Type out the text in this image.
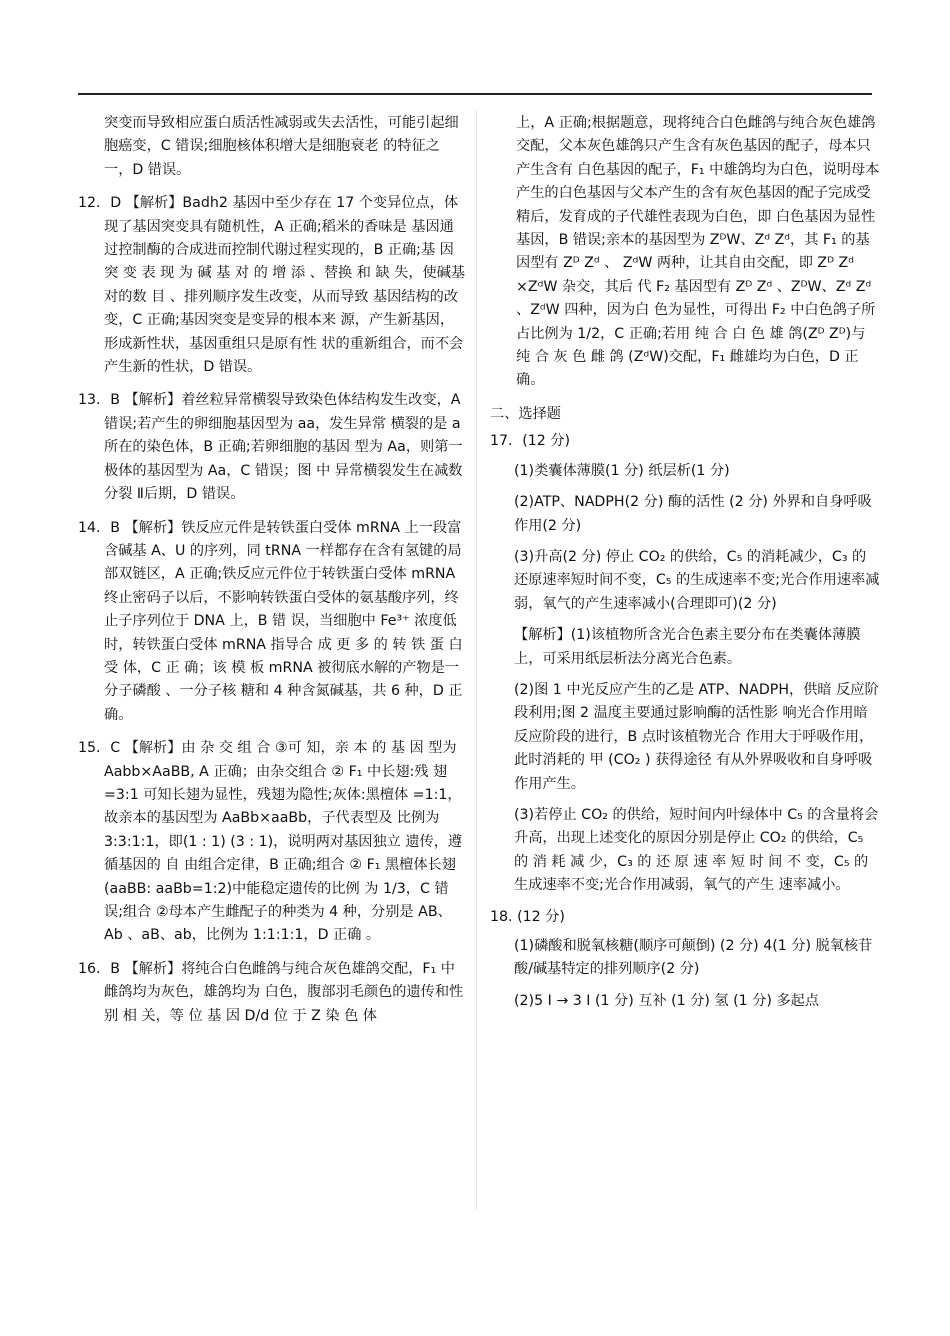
突变而导致相应蛋白质活性减弱或失去活性，可能引起细胞癌变，C 错误;细胞核体积增大是细胞衰老 的特征之一，D 错误。

12．D 【解析】Badh2 基因中至少存在 17 个变异位点，体现了基因突变具有随机性，A 正确;稻米的香味是 基因通过控制酶的合成进而控制代谢过程实现的，B 正确;基 因 突 变 表 现 为 碱 基 对 的 增 添 、替换 和 缺 失，使碱基对的数 目 、排列顺序发生改变，从而导致 基因结构的改变，C 正确;基因突变是变异的根本来 源，产生新基因，形成新性状，基因重组只是原有性 状的重新组合，而不会产生新的性状，D 错误。

13．B 【解析】着丝粒异常横裂导致染色体结构发生改变，A 错误;若产生的卵细胞基因型为 aa，发生异常 横裂的是 a 所在的染色体，B 正确;若卵细胞的基因 型为 Aa，则第一极体的基因型为 Aa，C 错误；图 中 异常横裂发生在减数分裂 Ⅱ后期，D 错误。

14．B 【解析】铁反应元件是转铁蛋白受体 mRNA 上一段富含碱基 A、U 的序列，同 tRNA 一样都存在含有氢键的局部双链区，A 正确;铁反应元件位于转铁蛋白受体 mRNA 终止密码子以后，不影响转铁蛋白受体的氨基酸序列，终止子序列位于 DNA 上，B 错 误，当细胞中 Fe³⁺ 浓度低时，转铁蛋白受体 mRNA 指导合 成 更 多 的 转 铁 蛋 白 受 体，C 正 确；该 模 板 mRNA 被彻底水解的产物是一分子磷酸 、一分子核 糖和 4 种含氮碱基，共 6 种，D 正确。

15．C 【解析】由 杂 交 组 合 ③可 知，亲 本 的 基 因 型为 Aabb×AaBB, A 正确；由杂交组合 ② F₁ 中长翅:残 翅 =3:1 可知长翅为显性，残翅为隐性;灰体:黑檀体 =1:1，故亲本的基因型为 AaBb×aaBb，子代表型及 比例为 3:3:1:1，即(1 : 1) (3 : 1)，说明两对基因独立 遗传，遵循基因的 自 由组合定律，B 正确;组合 ② F₁ 黑檀体长翅(aaBB: aaBb=1:2)中能稳定遗传的比例 为 1/3，C 错误;组合 ②母本产生雌配子的种类为 4 种，分别是 AB、Ab 、aB、ab，比例为 1:1:1:1，D 正确 。

16．B 【解析】将纯合白色雌鸽与纯合灰色雄鸽交配，F₁ 中雌鸽均为灰色，雄鸽均为 白色，腹部羽毛颜色的遗传和性 别 相 关，等 位 基 因 D/d 位 于 Z 染 色 体

上，A 正确;根据题意，现将纯合白色雌鸽与纯合灰色雄鸽交配，父本灰色雄鸽只产生含有灰色基因的配子，母本只产生含有 白色基因的配子，F₁ 中雄鸽均为白色，说明母本产生的白色基因与父本产生的含有灰色基因的配子完成受精后，发育成的子代雄性表现为白色，即 白色基因为显性基因，B 错误;亲本的基因型为 ZᴰW、Zᵈ Zᵈ，其 F₁ 的基因型有 Zᴰ Zᵈ 、 ZᵈW 两种，让其自由交配，即 Zᴰ Zᵈ ×ZᵈW 杂交，其后 代 F₂ 基因型有 Zᴰ Zᵈ 、ZᴰW、Zᵈ Zᵈ 、ZᵈW 四种，因为白 色为显性，可得出 F₂ 中白色鸽子所占比例为 1/2，C 正确;若用 纯 合 白 色 雄 鸽(Zᴰ Zᴰ)与 纯 合 灰 色 雌 鸽 (ZᵈW)交配，F₁ 雌雄均为白色，D 正确。

二、选择题

17．(12 分)

(1)类囊体薄膜(1 分) 纸层析(1 分)

(2)ATP、NADPH(2 分) 酶的活性 (2 分) 外界和自身呼吸作用(2 分)

(3)升高(2 分) 停止 CO₂ 的供给，C₅ 的消耗减少，C₃ 的还原速率短时间不变，C₅ 的生成速率不变;光合作用速率减弱，氧气的产生速率减小(合理即可)(2 分)

【解析】(1)该植物所含光合色素主要分布在类囊体薄膜上，可采用纸层析法分离光合色素。

(2)图 1 中光反应产生的乙是 ATP、NADPH，供暗 反应阶段利用;图 2 温度主要通过影响酶的活性影 响光合作用暗反应阶段的进行，B 点时该植物光合 作用大于呼吸作用，此时消耗的 甲 (CO₂ ) 获得途径 有从外界吸收和自身呼吸作用产生。

(3)若停止 CO₂ 的供给，短时间内叶绿体中 C₅ 的含量将会升高，出现上述变化的原因分别是停止 CO₂ 的供给，C₅ 的 消 耗 减 少，C₃ 的 还 原 速 率 短 时 间 不 变，C₅ 的生成速率不变;光合作用减弱，氧气的产生 速率减小。

18. (12 分)

(1)磷酸和脱氧核糖(顺序可颠倒) (2 分) 4(1 分) 脱氧核苷酸/碱基特定的排列顺序(2 分)

(2)5 I → 3 I (1 分) 互补 (1 分) 氢 (1 分) 多起点
